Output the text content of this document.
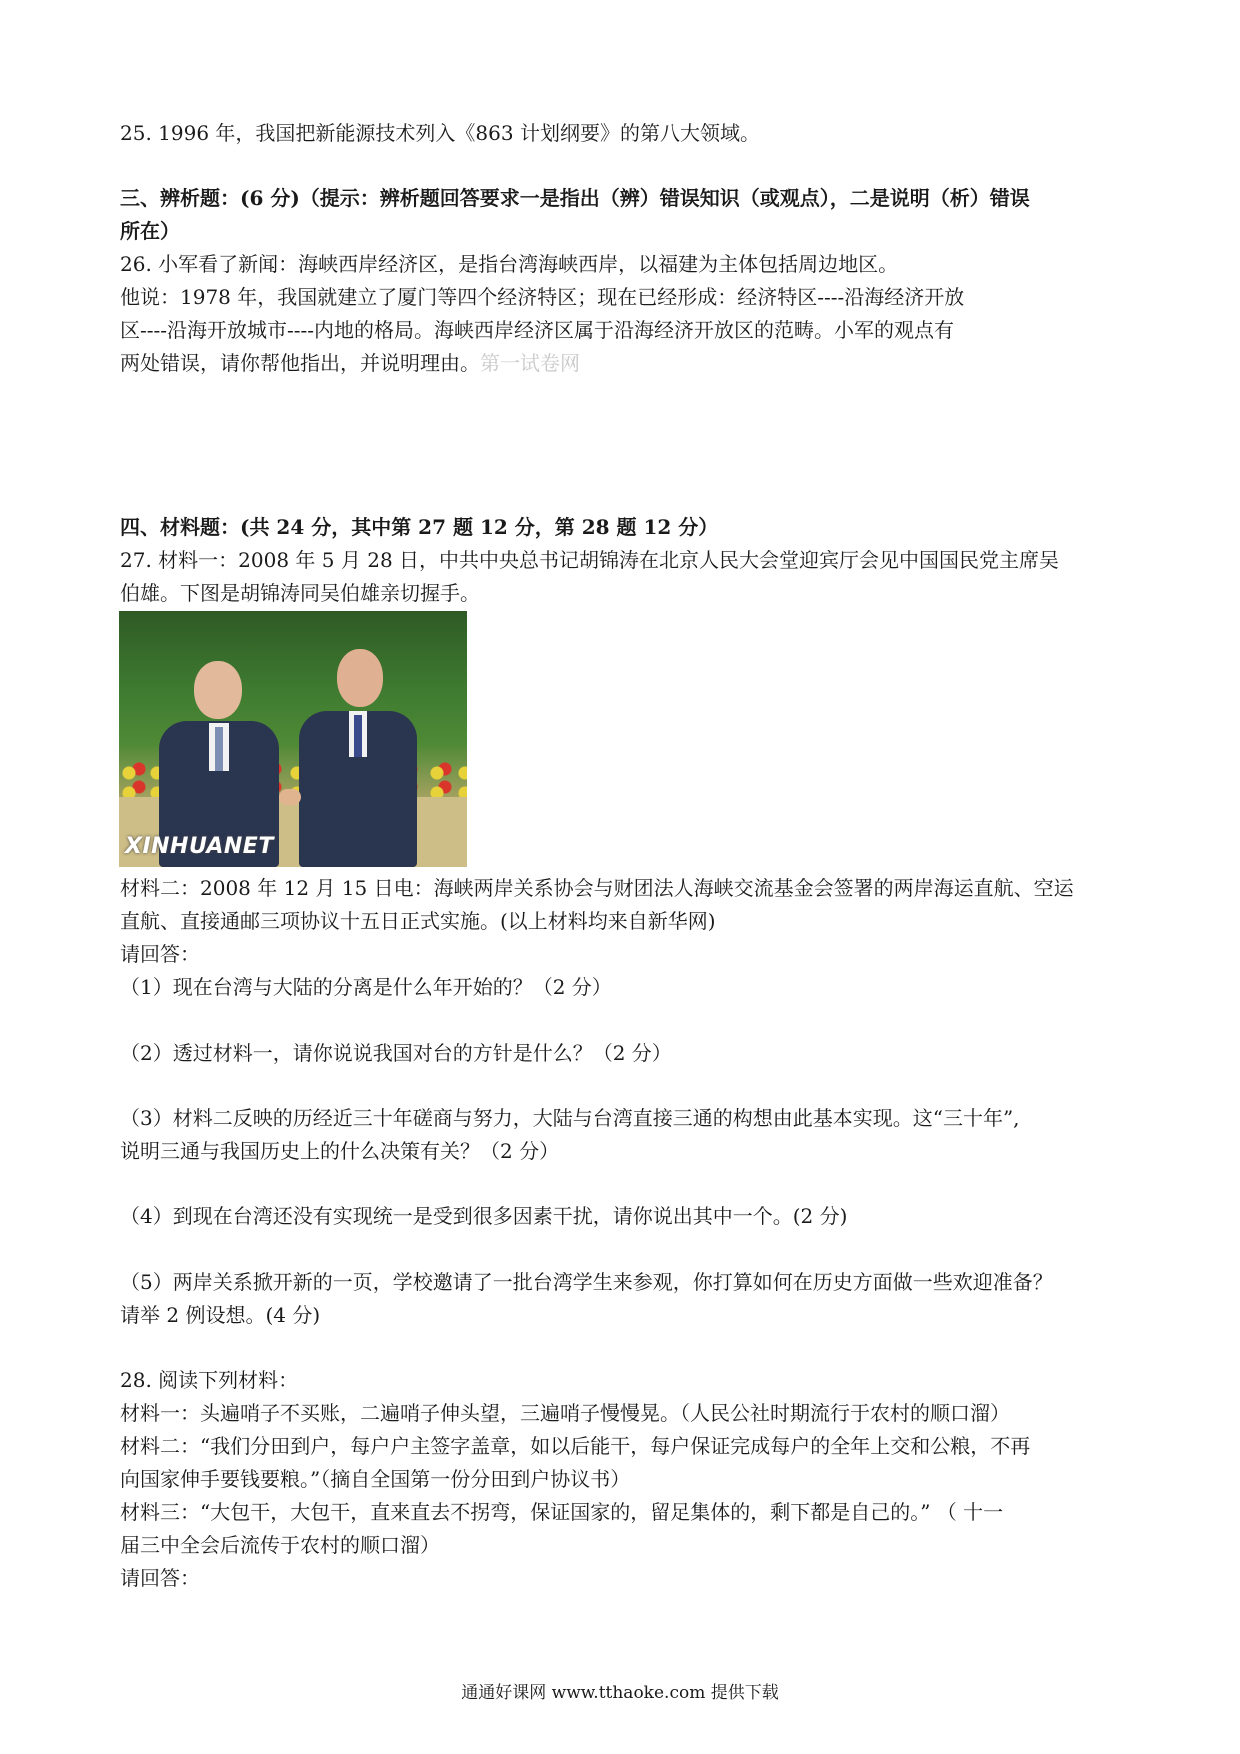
25. 1996 年，我国把新能源技术列入《863 计划纲要》的第八大领域。
三、辨析题：(6 分)（提示：辨析题回答要求一是指出（辨）错误知识（或观点），二是说明（析）错误
所在）
26. 小军看了新闻：海峡西岸经济区，是指台湾海峡西岸，以福建为主体包括周边地区。
他说：1978 年，我国就建立了厦门等四个经济特区；现在已经形成：经济特区----沿海经济开放
区----沿海开放城市----内地的格局。海峡西岸经济区属于沿海经济开放区的范畴。小军的观点有
两处错误，请你帮他指出，并说明理由。第一试卷网
四、材料题：(共 24 分，其中第 27 题 12 分，第 28 题 12 分）
27. 材料一：2008 年 5 月 28 日，中共中央总书记胡锦涛在北京人民大会堂迎宾厅会见中国国民党主席吴
伯雄。下图是胡锦涛同吴伯雄亲切握手。
XINHUANET
材料二：2008 年 12 月 15 日电：海峡两岸关系协会与财团法人海峡交流基金会签署的两岸海运直航、空运
直航、直接通邮三项协议十五日正式实施。(以上材料均来自新华网)
请回答：
（1）现在台湾与大陆的分离是什么年开始的？（2 分）
（2）透过材料一，请你说说我国对台的方针是什么？（2 分）
（3）材料二反映的历经近三十年磋商与努力，大陆与台湾直接三通的构想由此基本实现。这“三十年”,
说明三通与我国历史上的什么决策有关？（2 分）
（4）到现在台湾还没有实现统一是受到很多因素干扰，请你说出其中一个。(2 分)
（5）两岸关系掀开新的一页，学校邀请了一批台湾学生来参观，你打算如何在历史方面做一些欢迎准备？
请举 2 例设想。(4 分)
28. 阅读下列材料：
材料一：头遍哨子不买账，二遍哨子伸头望，三遍哨子慢慢晃。（人民公社时期流行于农村的顺口溜）
材料二：“我们分田到户，每户户主签字盖章，如以后能干，每户保证完成每户的全年上交和公粮，不再
向国家伸手要钱要粮。”（摘自全国第一份分田到户协议书）
材料三：“大包干，大包干，直来直去不拐弯，保证国家的，留足集体的，剩下都是自己的。” （ 十一
届三中全会后流传于农村的顺口溜）
请回答：
通通好课网 www.tthaoke.com 提供下载
